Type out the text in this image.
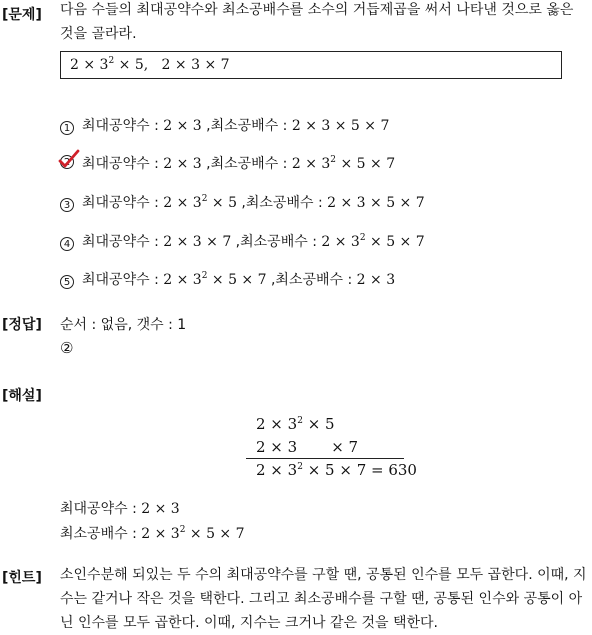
[문제] 다음 수들의 최대공약수와 최소공배수를 소수의 거듭제곱을 써서 나타낸 것으로 옳은 것을 골라라.
$2 \times 3^2 \times 5$, 2 × 3 × 7
1 최대공약수 : 2 × 3 ,최소공배수 : 2 × 3 × 5 × 7
2 최대공약수 : 2 × 3 ,최소공배수 : $2 \times 3^2 \times 5 \times 7$
3 최대공약수 : $2 \times 3^2 \times 5$ ,최소공배수 : 2 × 3 × 5 × 7
4 최대공약수 : 2 × 3 × 7 ,최소공배수 : $2 \times 3^2 \times 5 \times 7$
5 최대공약수 : $2 \times 3^2 \times 5 \times 7$ ,최소공배수 : 2 × 3
[정답] 순서 : 없음, 갯수 : 1
②
[해설]
$2 \times 3^2 \times 5$
2 × 3 × 7
$2 \times 3^2 \times 5 \times 7 = 630$
최대공약수 : 2 × 3
최소공배수 : $2 \times 3^2 \times 5 \times 7$
[힌트] 소인수분해 되있는 두 수의 최대공약수를 구할 땐, 공통된 인수를 모두 곱한다. 이때, 지수는 같거나 작은 것을 택한다. 그리고 최소공배수를 구할 땐, 공통된 인수와 공통이 아닌 인수를 모두 곱한다. 이때, 지수는 크거나 같은 것을 택한다.
